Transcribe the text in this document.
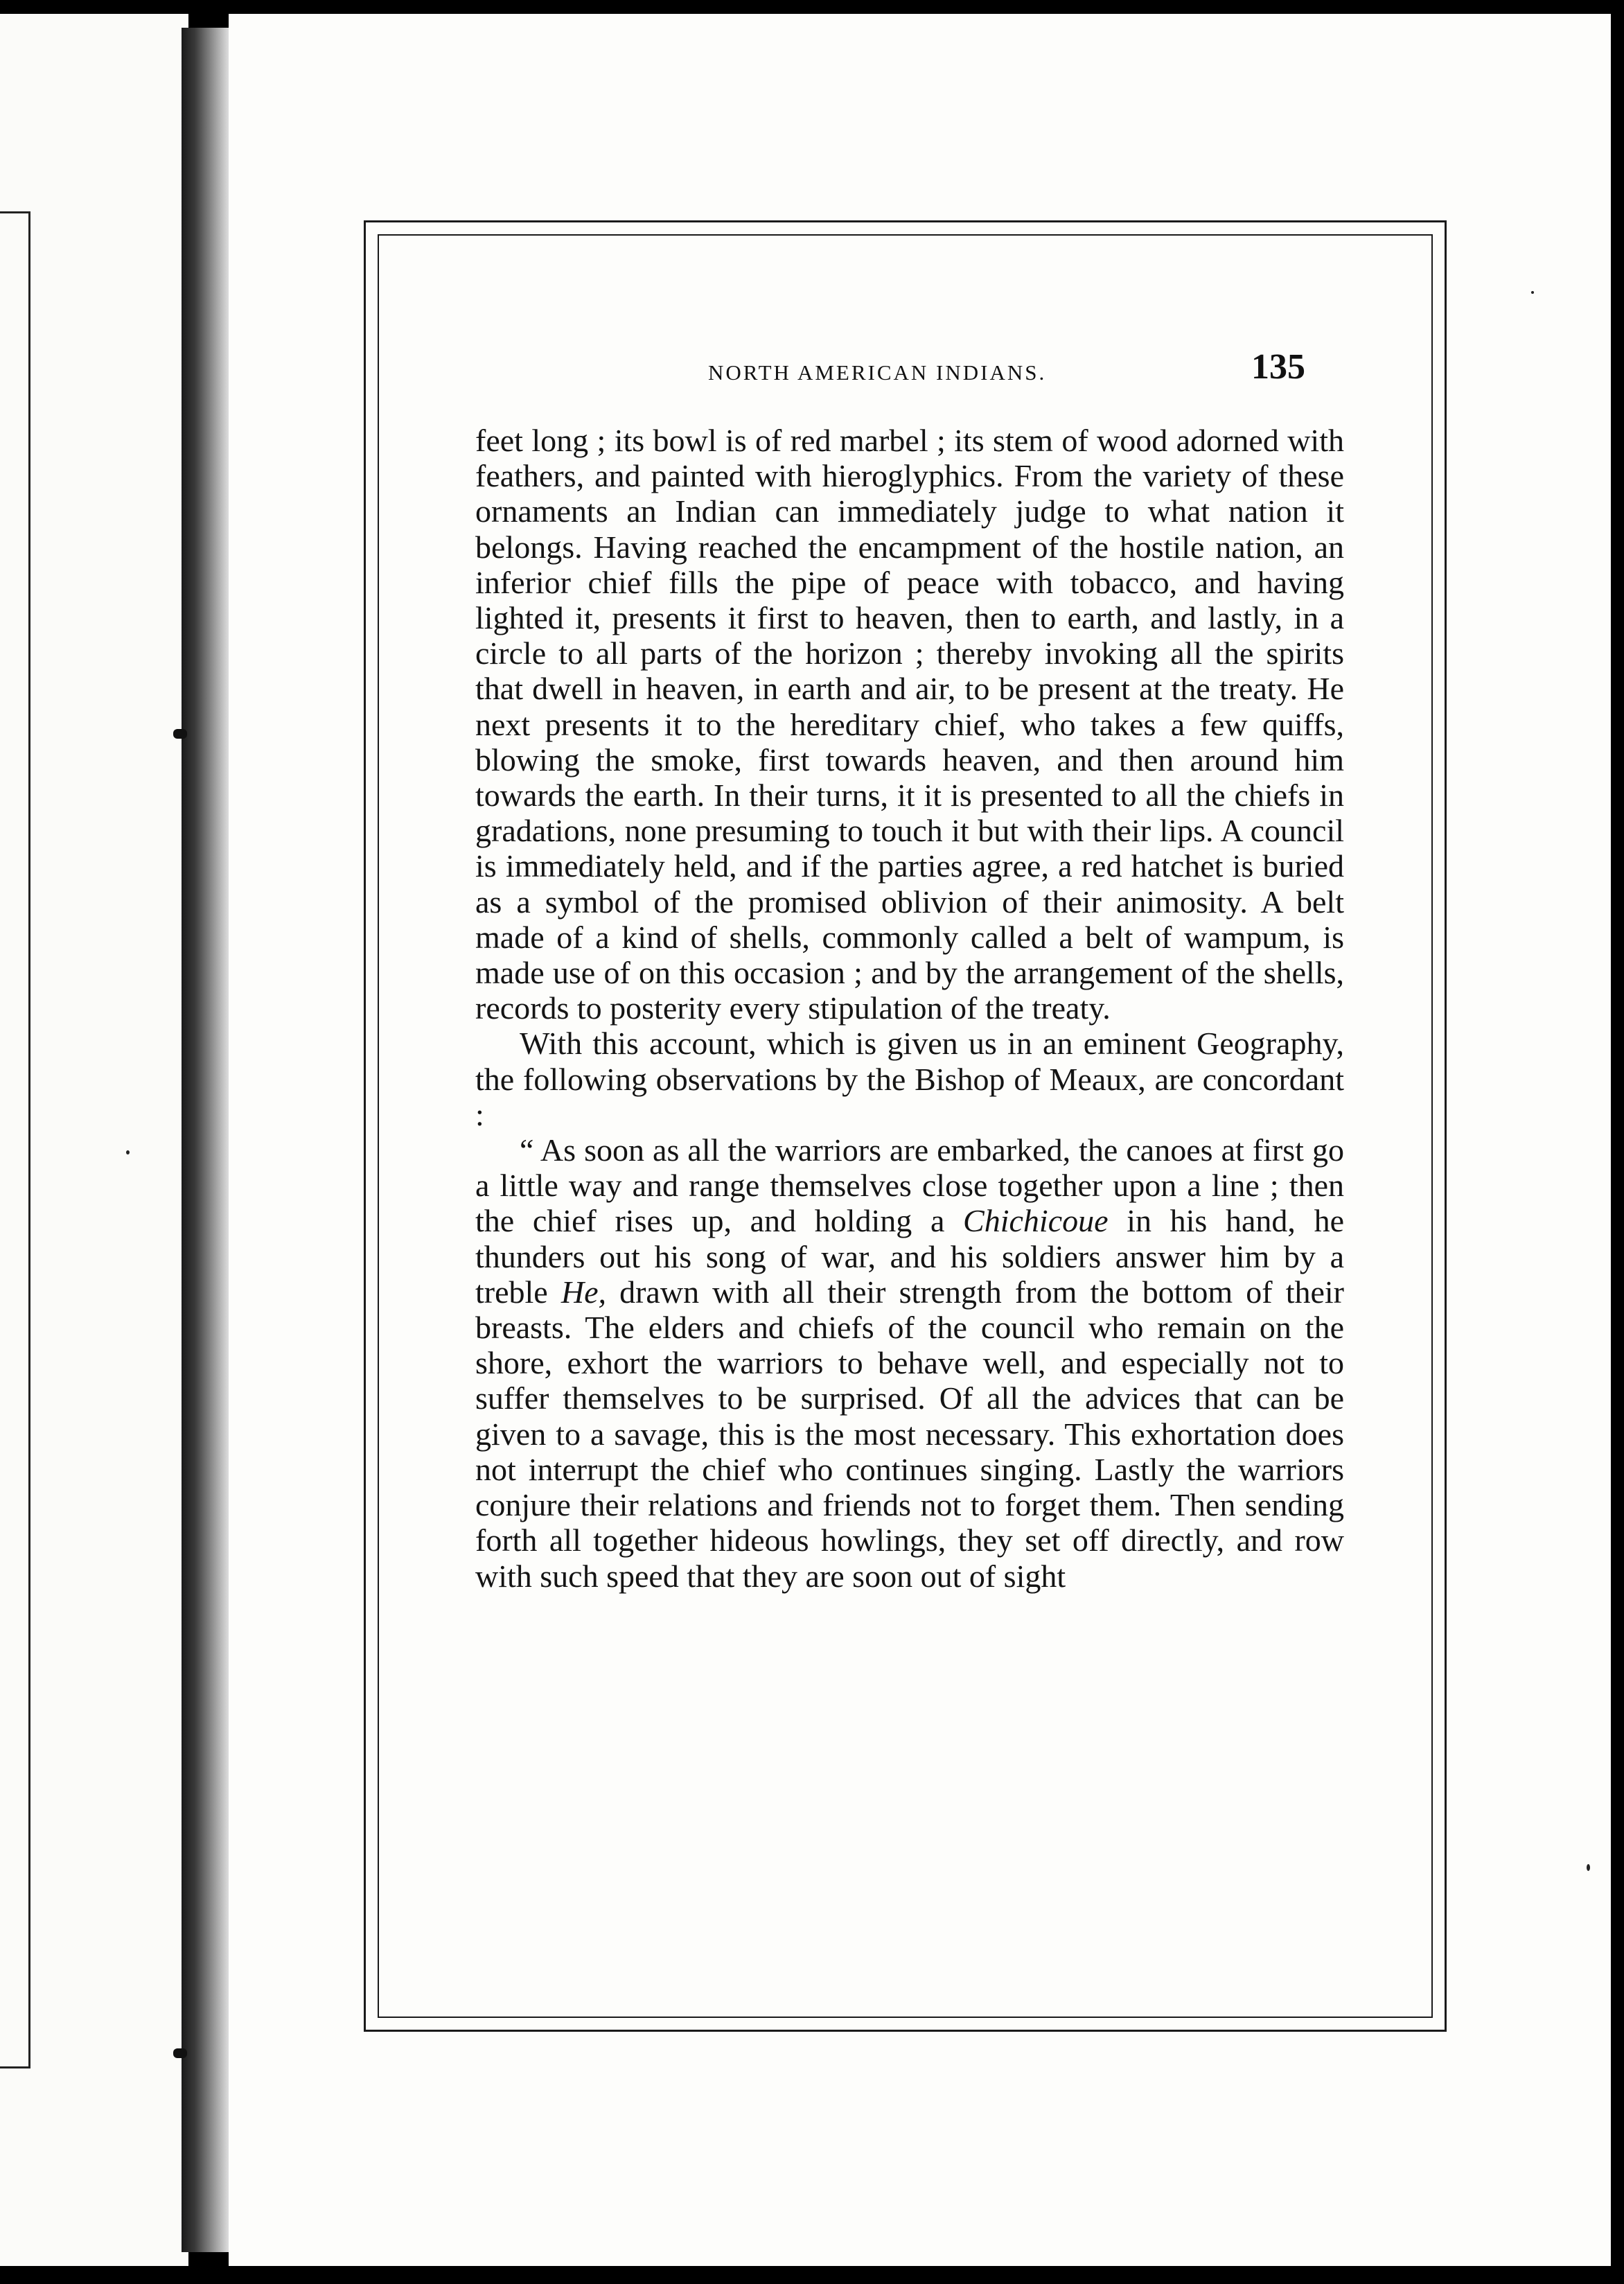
NORTH AMERICAN INDIANS.	135

feet long ; its bowl is of red marbel ; its stem of wood adorned with feathers, and painted with hieroglyphics. From the variety of these ornaments an Indian can immediately judge to what nation it belongs. Having reached the encampment of the hostile nation, an inferior chief fills the pipe of peace with tobacco, and having lighted it, presents it first to heaven, then to earth, and lastly, in a circle to all parts of the horizon ; thereby invoking all the spirits that dwell in heaven, in earth and air, to be present at the treaty. He next presents it to the hereditary chief, who takes a few quiffs, blowing the smoke, first towards heaven, and then around him towards the earth. In their turns, it it is presented to all the chiefs in gradations, none presuming to touch it but with their lips. A council is immediately held, and if the parties agree, a red hatchet is buried as a symbol of the promised oblivion of their animosity. A belt made of a kind of shells, commonly called a belt of wampum, is made use of on this occasion ; and by the arrangement of the shells, records to posterity every stipulation of the treaty.

With this account, which is given us in an eminent Geography, the following observations by the Bishop of Meaux, are concordant :

“ As soon as all the warriors are embarked, the canoes at first go a little way and range themselves close together upon a line ; then the chief rises up, and holding a Chichicoue in his hand, he thunders out his song of war, and his soldiers answer him by a treble He, drawn with all their strength from the bottom of their breasts. The elders and chiefs of the council who remain on the shore, exhort the warriors to behave well, and especially not to suffer themselves to be surprised. Of all the advices that can be given to a savage, this is the most necessary. This exhortation does not interrupt the chief who continues singing. Lastly the warriors conjure their relations and friends not to forget them. Then sending forth all together hideous howlings, they set off directly, and row with such speed that they are soon out of sight
